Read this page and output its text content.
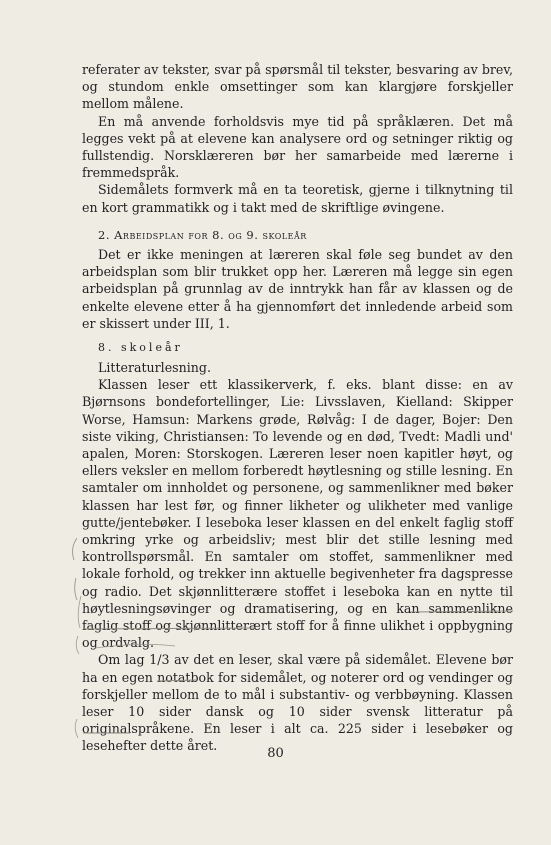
referater av tekster, svar på spørsmål til tekster, besvaring av brev, og stundom enkle omsettinger som kan klargjøre forskjeller mellom målene.

En må anvende forholdsvis mye tid på språklæren. Det må legges vekt på at elevene kan analysere ord og setninger riktig og fullstendig. Norsklæreren bør her samarbeide med lærerne i fremmedspråk.

Sidemålets formverk må en ta teoretisk, gjerne i tilknytning til en kort grammatikk og i takt med de skriftlige øvingene.

2. Arbeidsplan for 8. og 9. skoleår

Det er ikke meningen at læreren skal føle seg bundet av den arbeidsplan som blir trukket opp her. Læreren må legge sin egen arbeidsplan på grunnlag av de inntrykk han får av klassen og de enkelte elevene etter å ha gjennomført det innledende arbeid som er skissert under III, 1.

8. skoleår

Litteraturlesning.

Klassen leser ett klassikerverk, f. eks. blant disse: en av Bjørnsons bondefortellinger, Lie: Livsslaven, Kielland: Skipper Worse, Hamsun: Markens grøde, Rølvåg: I de dager, Bojer: Den siste viking, Christiansen: To levende og en død, Tvedt: Madli und' apalen, Moren: Storskogen. Læreren leser noen kapitler høyt, og ellers veksler en mellom forberedt høytlesning og stille lesning. En samtaler om innholdet og personene, og sammenlikner med bøker klassen har lest før, og finner likheter og ulikheter med vanlige gutte/jentebøker. I leseboka leser klassen en del enkelt faglig stoff omkring yrke og arbeidsliv; mest blir det stille lesning med kontrollspørsmål. En samtaler om stoffet, sammenlikner med lokale forhold, og trekker inn aktuelle begivenheter fra dagspresse og radio. Det skjønnlitterære stoffet i leseboka kan en nytte til høytlesningsøvinger og dramatisering, og en kan sammenlikne faglig stoff og skjønnlitterært stoff for å finne ulikhet i oppbygning og ordvalg.

Om lag 1/3 av det en leser, skal være på sidemålet. Elevene bør ha en egen notatbok for sidemålet, og noterer ord og vendinger og forskjeller mellom de to mål i substantiv- og verbbøyning. Klassen leser 10 sider dansk og 10 sider svensk litteratur på originalspråkene. En leser i alt ca. 225 sider i lesebøker og lesehefter dette året.

80
